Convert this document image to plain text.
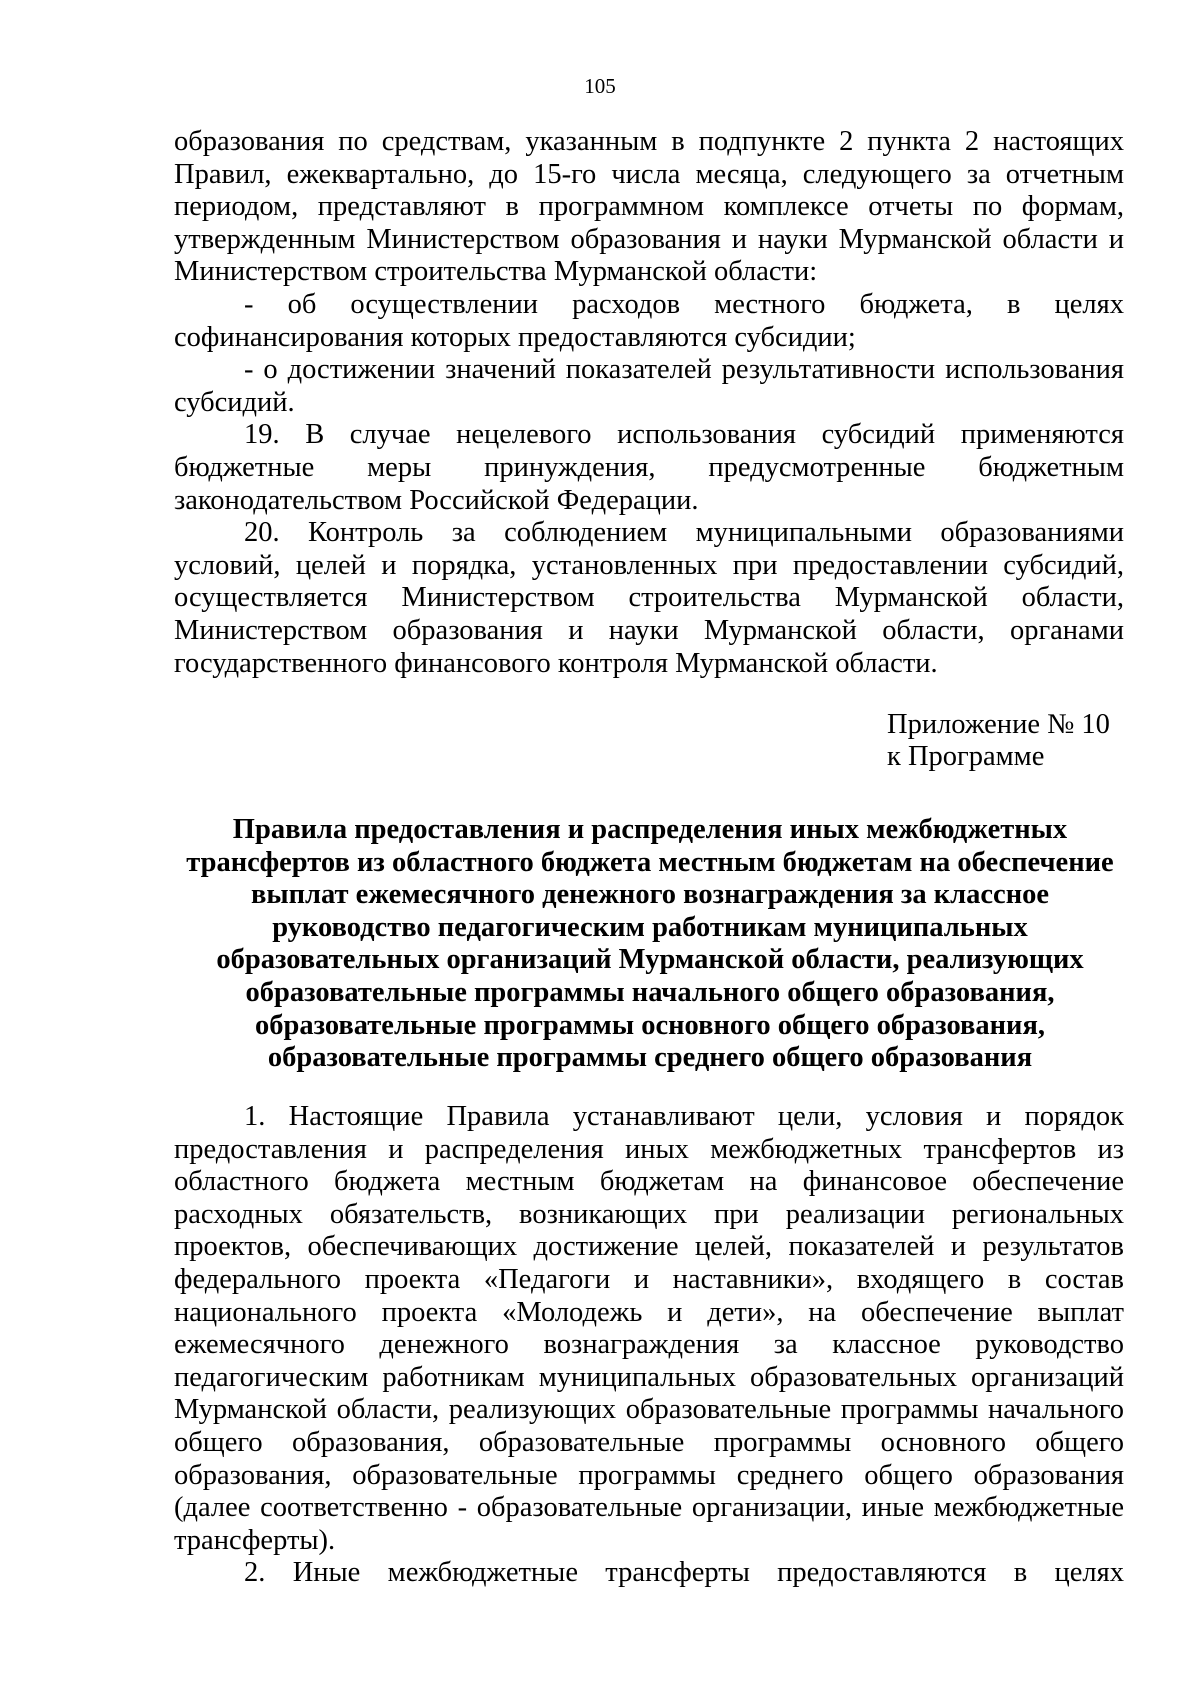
105

образования по средствам, указанным в подпункте 2 пункта 2 настоящих Правил, ежеквартально, до 15-го числа месяца, следующего за отчетным периодом, представляют в программном комплексе отчеты по формам, утвержденным Министерством образования и науки Мурманской области и Министерством строительства Мурманской области:

- об осуществлении расходов местного бюджета, в целях софинансирования которых предоставляются субсидии;

- о достижении значений показателей результативности использования субсидий.

19. В случае нецелевого использования субсидий применяются бюджетные меры принуждения, предусмотренные бюджетным законодательством Российской Федерации.

20. Контроль за соблюдением муниципальными образованиями условий, целей и порядка, установленных при предоставлении субсидий, осуществляется Министерством строительства Мурманской области, Министерством образования и науки Мурманской области, органами государственного финансового контроля Мурманской области.

Приложение № 10
к Программе
Правила предоставления и распределения иных межбюджетных
трансфертов из областного бюджета местным бюджетам на обеспечение
выплат ежемесячного денежного вознаграждения за классное
руководство педагогическим работникам муниципальных
образовательных организаций Мурманской области, реализующих
образовательные программы начального общего образования,
образовательные программы основного общего образования,
образовательные программы среднего общего образования

1. Настоящие Правила устанавливают цели, условия и порядок предоставления и распределения иных межбюджетных трансфертов из областного бюджета местным бюджетам на финансовое обеспечение расходных обязательств, возникающих при реализации региональных проектов, обеспечивающих достижение целей, показателей и результатов федерального проекта «Педагоги и наставники», входящего в состав национального проекта «Молодежь и дети», на обеспечение выплат ежемесячного денежного вознаграждения за классное руководство педагогическим работникам муниципальных образовательных организаций Мурманской области, реализующих образовательные программы начального общего образования, образовательные программы основного общего образования, образовательные программы среднего общего образования (далее соответственно - образовательные организации, иные межбюджетные трансферты).

2. Иные межбюджетные трансферты предоставляются в целях
